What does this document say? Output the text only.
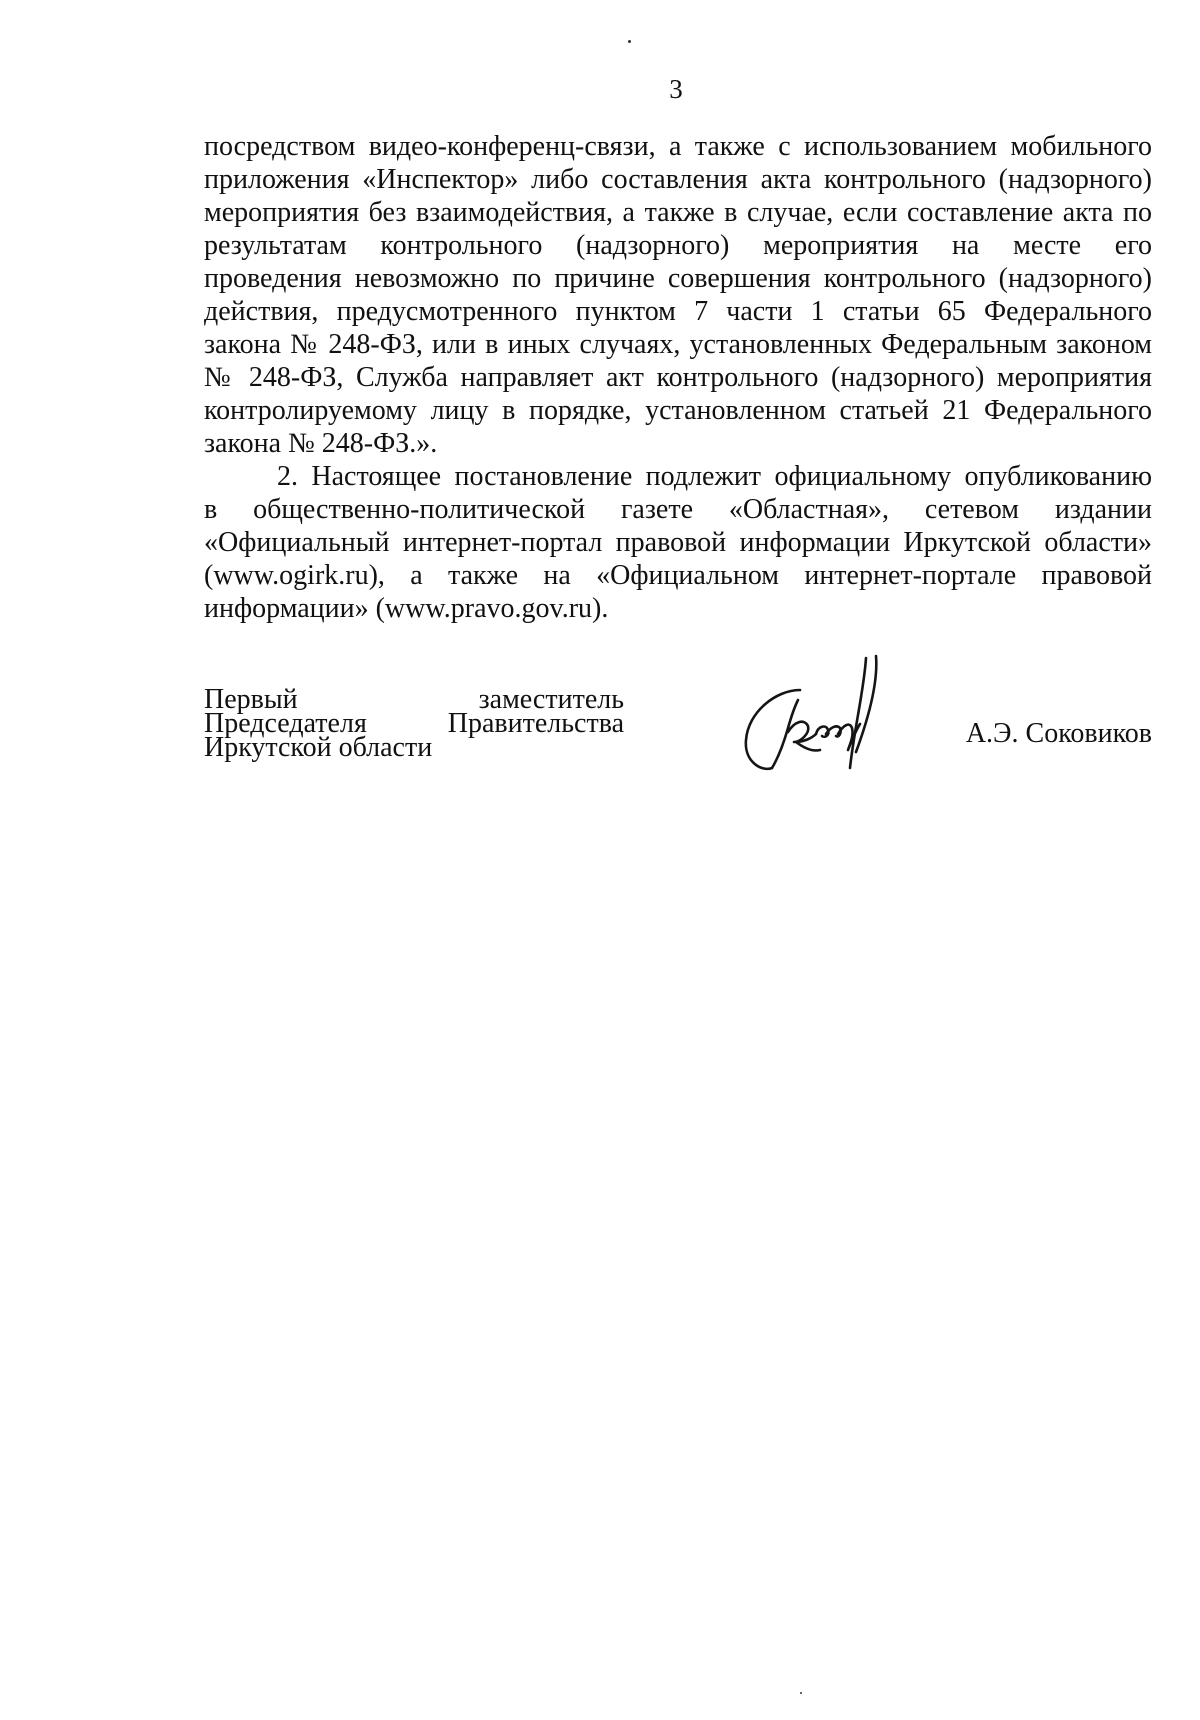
3
посредством видео-конференц-связи, а также с использованием мобильного
приложения «Инспектор» либо составления акта контрольного (надзорного)
мероприятия без взаимодействия, а также в случае, если составление акта по
результатам контрольного (надзорного) мероприятия на месте его
проведения невозможно по причине совершения контрольного (надзорного)
действия, предусмотренного пунктом 7 части 1 статьи 65 Федерального
закона № 248-ФЗ, или в иных случаях, установленных Федеральным законом
№ 248-ФЗ, Служба направляет акт контрольного (надзорного) мероприятия
контролируемому лицу в порядке, установленном статьей 21 Федерального
закона № 248-ФЗ.».
2. Настоящее постановление подлежит официальному опубликованию
в общественно-политической газете «Областная», сетевом издании
«Официальный интернет-портал правовой информации Иркутской области»
(www.ogirk.ru), а также на «Официальном интернет-портале правовой
информации» (www.pravo.gov.ru).
Первый заместитель
Председателя Правительства
Иркутской области	А.Э. Соковиков
